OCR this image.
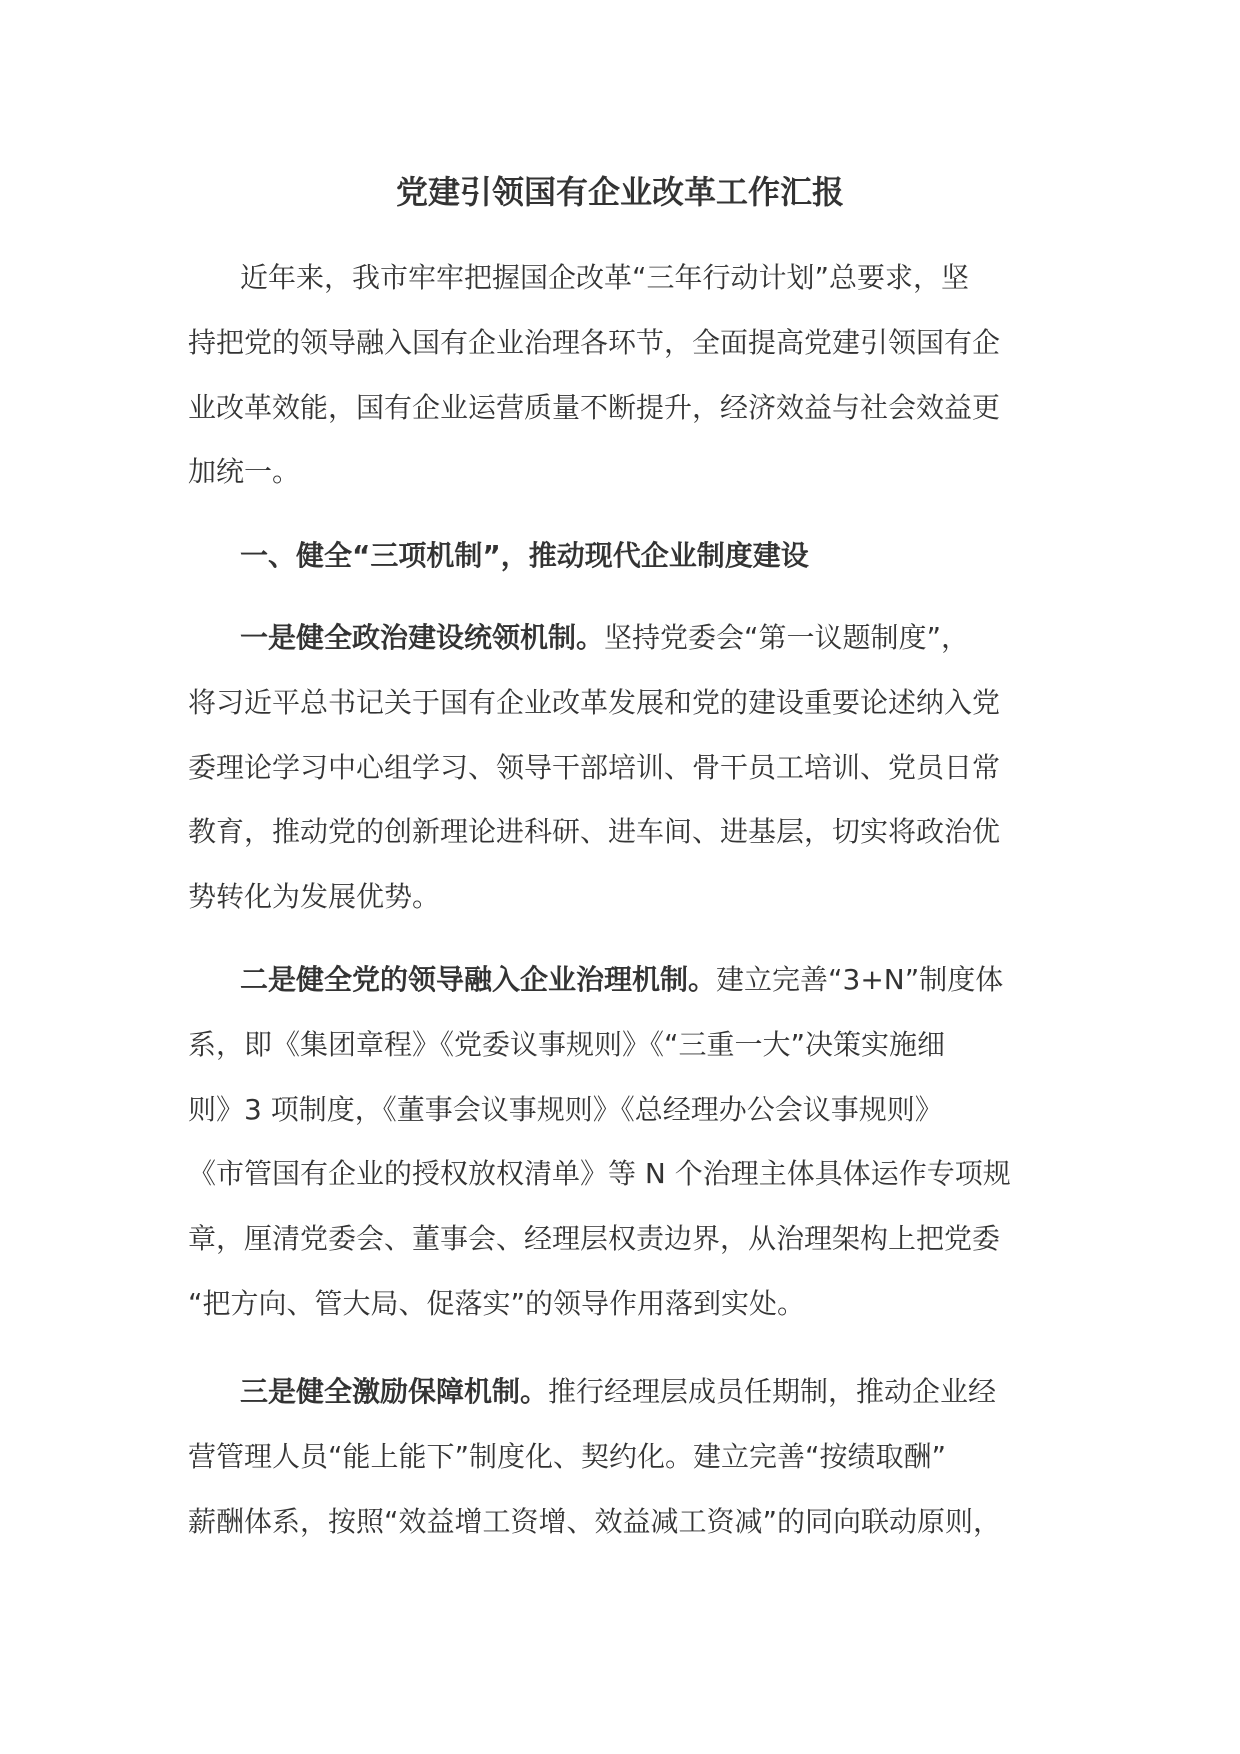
党建引领国有企业改革工作汇报
近年来，我市牢牢把握国企改革“三年行动计划”总要求，坚
持把党的领导融入国有企业治理各环节，全面提高党建引领国有企
业改革效能，国有企业运营质量不断提升，经济效益与社会效益更
加统一。
一、健全“三项机制”，推动现代企业制度建设
一是健全政治建设统领机制。坚持党委会“第一议题制度”，
将习近平总书记关于国有企业改革发展和党的建设重要论述纳入党
委理论学习中心组学习、领导干部培训、骨干员工培训、党员日常
教育，推动党的创新理论进科研、进车间、进基层，切实将政治优
势转化为发展优势。
二是健全党的领导融入企业治理机制。建立完善“3+N”制度体
系，即《集团章程》《党委议事规则》《“三重一大”决策实施细
则》3 项制度，《董事会议事规则》《总经理办公会议事规则》
《市管国有企业的授权放权清单》等 N 个治理主体具体运作专项规
章，厘清党委会、董事会、经理层权责边界，从治理架构上把党委
“把方向、管大局、促落实”的领导作用落到实处。
三是健全激励保障机制。推行经理层成员任期制，推动企业经
营管理人员“能上能下”制度化、契约化。建立完善“按绩取酬”
薪酬体系，按照“效益增工资增、效益减工资减”的同向联动原则，
